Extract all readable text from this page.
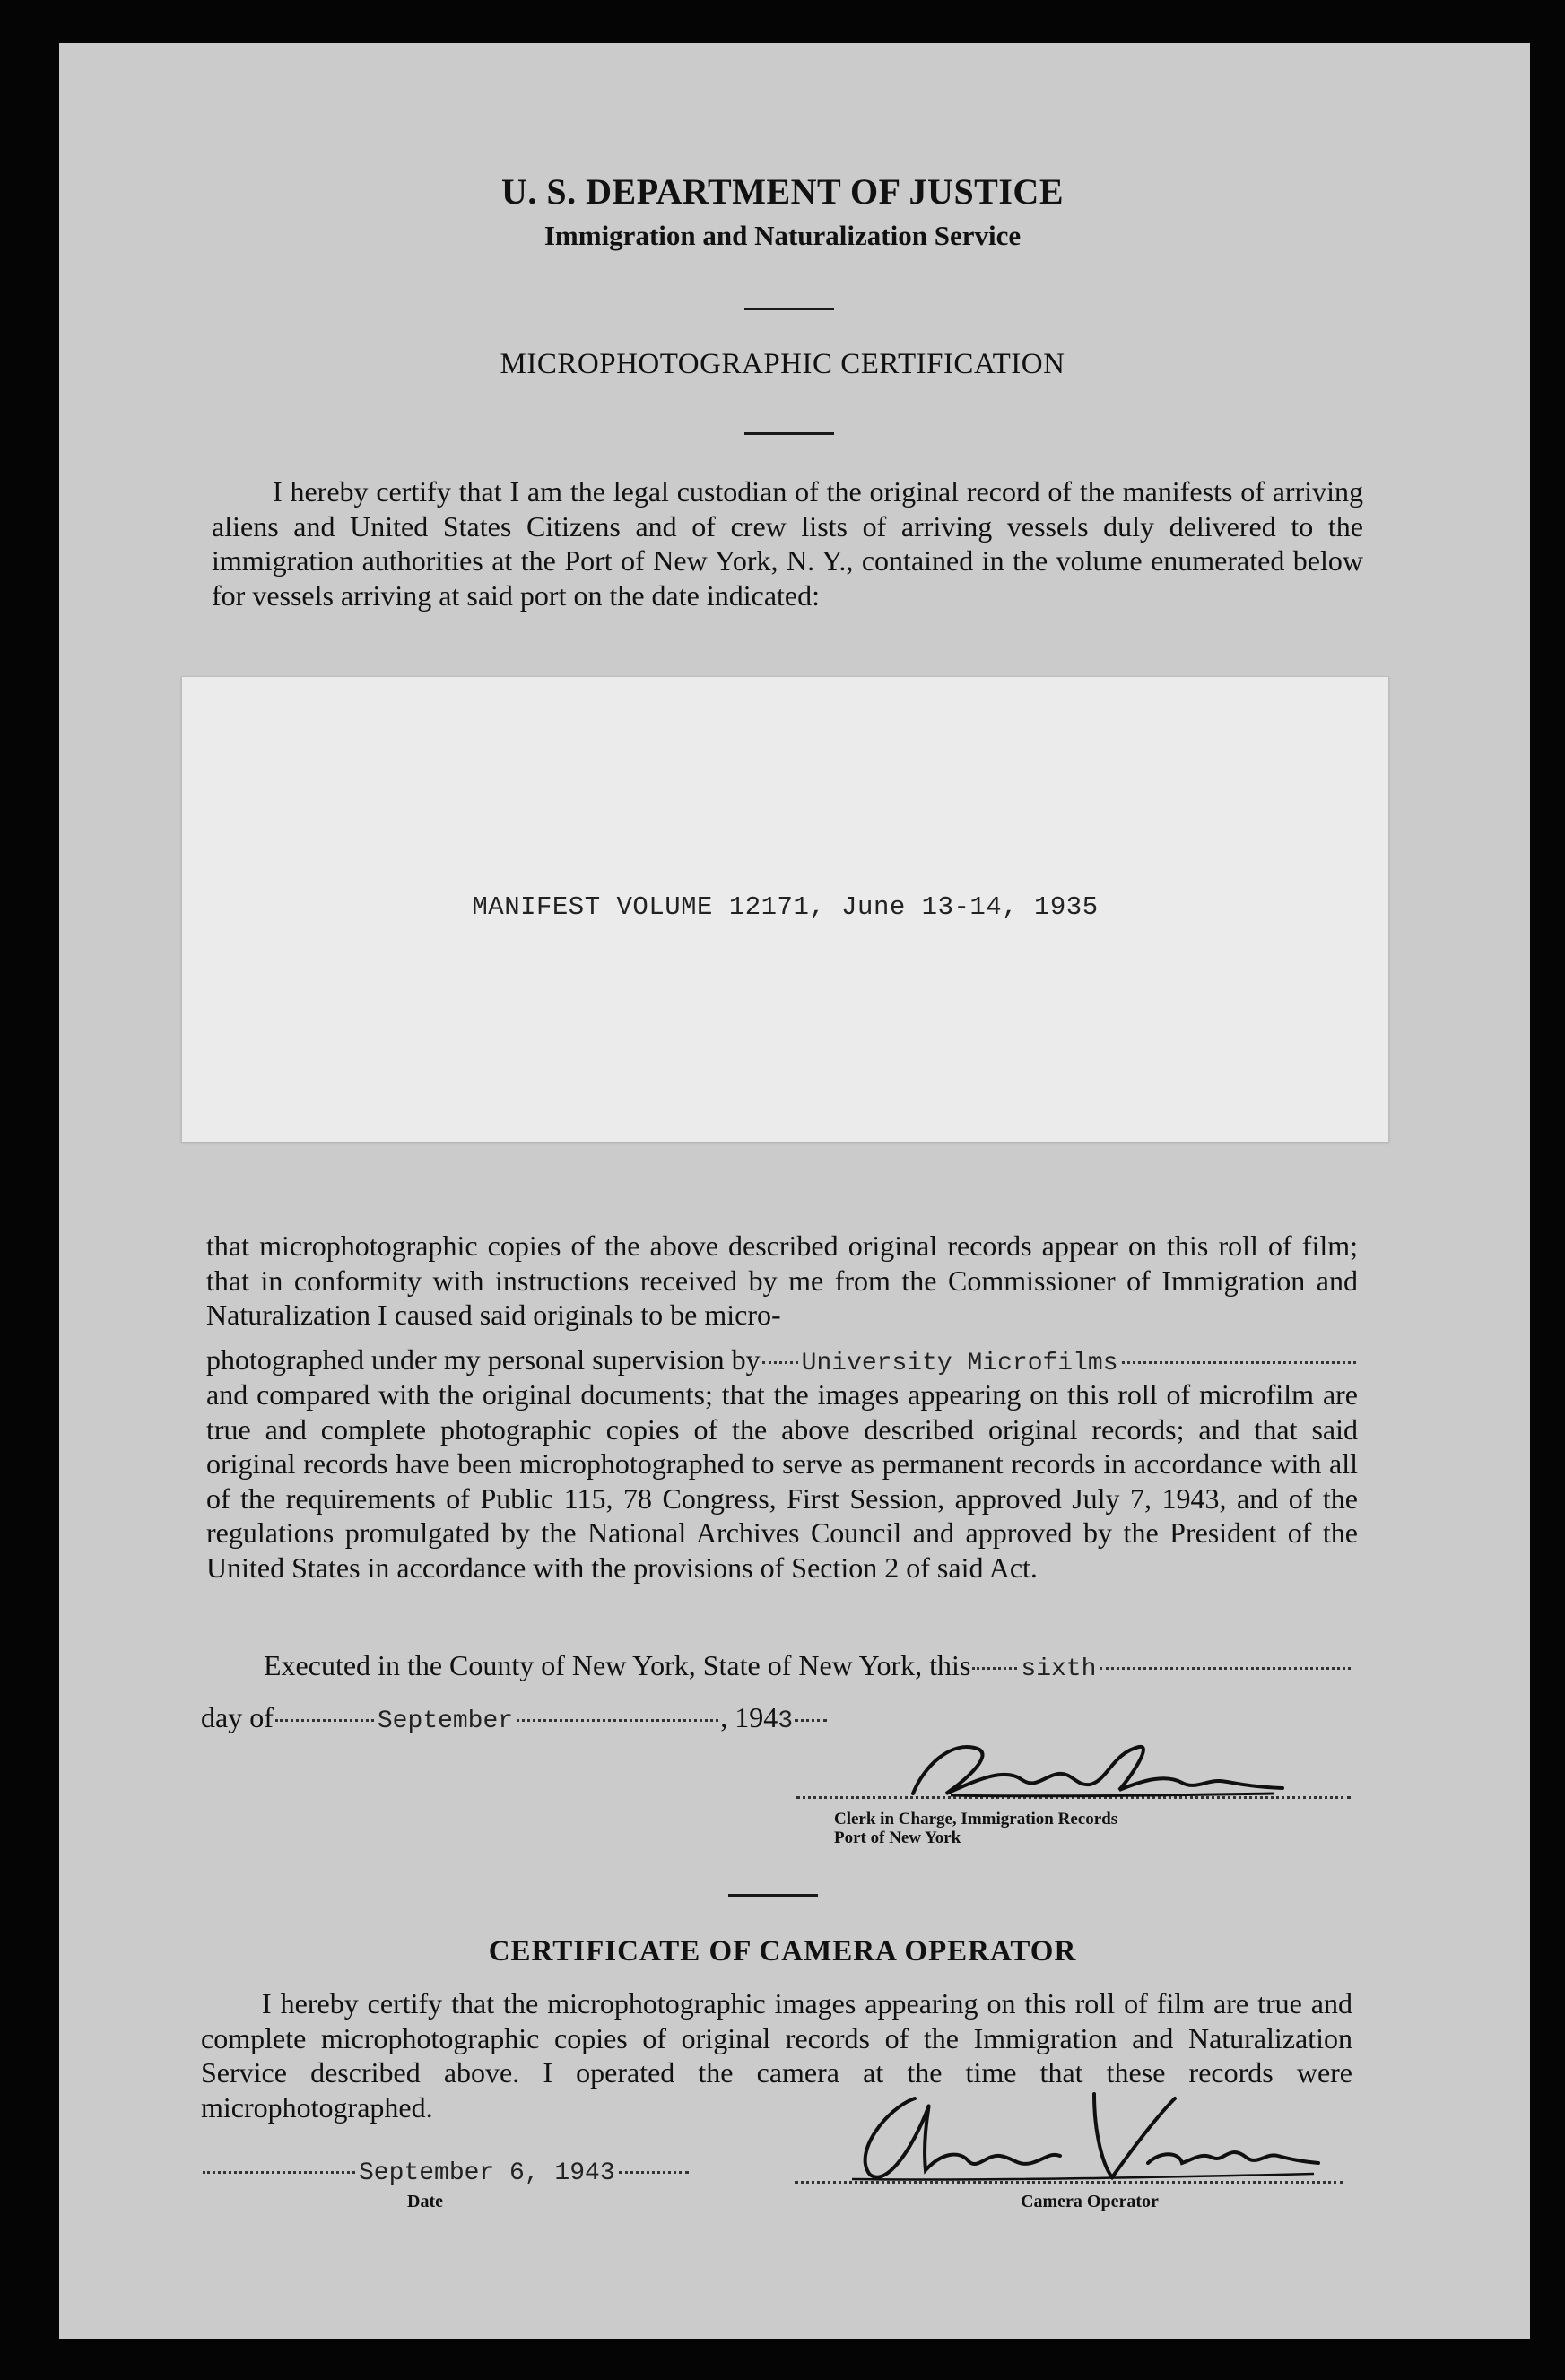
U. S. DEPARTMENT OF JUSTICE
Immigration and Naturalization Service
MICROPHOTOGRAPHIC CERTIFICATION
I hereby certify that I am the legal custodian of the original record of the manifests of arriving aliens and United States Citizens and of crew lists of arriving vessels duly delivered to the immigration authorities at the Port of New York, N. Y., contained in the volume enumerated below for vessels arriving at said port on the date indicated:
MANIFEST VOLUME 12171, June 13-14, 1935
that microphotographic copies of the above described original records appear on this roll of film; that in conformity with instructions received by me from the Commissioner of Immigration and Naturalization I caused said originals to be micro-
photographed under my personal supervision by University Microfilms
and compared with the original documents; that the images appearing on this roll of microfilm are true and complete photographic copies of the above described original records; and that said original records have been microphotographed to serve as permanent records in accordance with all of the requirements of Public 115, 78 Congress, First Session, approved July 7, 1943, and of the regulations promulgated by the National Archives Council and approved by the President of the United States in accordance with the provisions of Section 2 of said Act.
Executed in the County of New York, State of New York, this sixth
day of	September	, 194 3
Clerk in Charge, Immigration Records
Port of New York
CERTIFICATE OF CAMERA OPERATOR
I hereby certify that the microphotographic images appearing on this roll of film are true and complete microphotographic copies of original records of the Immigration and Naturalization Service described above. I operated the camera at the time that these records were microphotographed.
September 6, 1943
Date	Camera Operator
